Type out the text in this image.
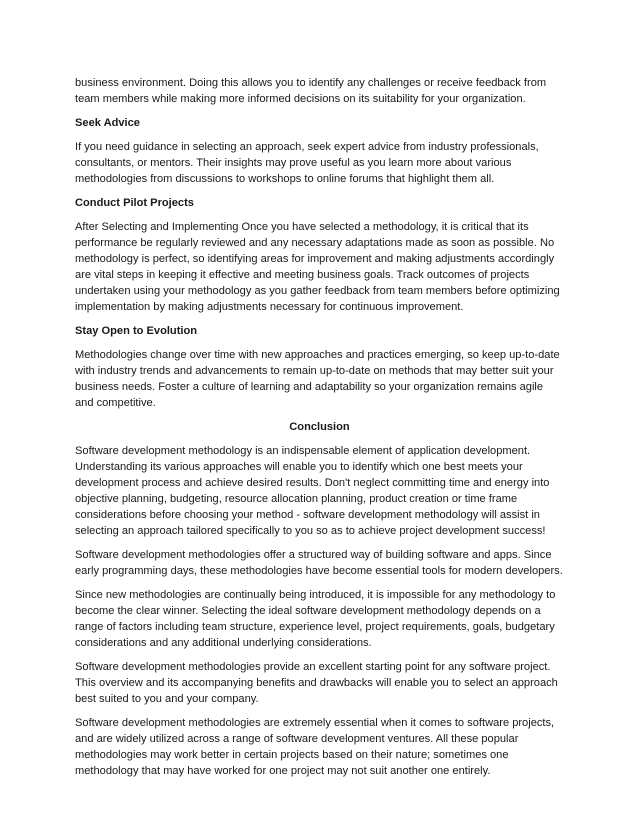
business environment. Doing this allows you to identify any challenges or receive feedback from team members while making more informed decisions on its suitability for your organization.

Seek Advice

If you need guidance in selecting an approach, seek expert advice from industry professionals, consultants, or mentors. Their insights may prove useful as you learn more about various methodologies from discussions to workshops to online forums that highlight them all.

Conduct Pilot Projects

After Selecting and Implementing Once you have selected a methodology, it is critical that its performance be regularly reviewed and any necessary adaptations made as soon as possible. No methodology is perfect, so identifying areas for improvement and making adjustments accordingly are vital steps in keeping it effective and meeting business goals. Track outcomes of projects undertaken using your methodology as you gather feedback from team members before optimizing implementation by making adjustments necessary for continuous improvement.

Stay Open to Evolution

Methodologies change over time with new approaches and practices emerging, so keep up-to-date with industry trends and advancements to remain up-to-date on methods that may better suit your business needs. Foster a culture of learning and adaptability so your organization remains agile and competitive.

Conclusion

Software development methodology is an indispensable element of application development. Understanding its various approaches will enable you to identify which one best meets your development process and achieve desired results. Don't neglect committing time and energy into objective planning, budgeting, resource allocation planning, product creation or time frame considerations before choosing your method - software development methodology will assist in selecting an approach tailored specifically to you so as to achieve project development success!

Software development methodologies offer a structured way of building software and apps. Since early programming days, these methodologies have become essential tools for modern developers.

Since new methodologies are continually being introduced, it is impossible for any methodology to become the clear winner. Selecting the ideal software development methodology depends on a range of factors including team structure, experience level, project requirements, goals, budgetary considerations and any additional underlying considerations.

Software development methodologies provide an excellent starting point for any software project. This overview and its accompanying benefits and drawbacks will enable you to select an approach best suited to you and your company.

Software development methodologies are extremely essential when it comes to software projects, and are widely utilized across a range of software development ventures. All these popular methodologies may work better in certain projects based on their nature; sometimes one methodology that may have worked for one project may not suit another one entirely.
